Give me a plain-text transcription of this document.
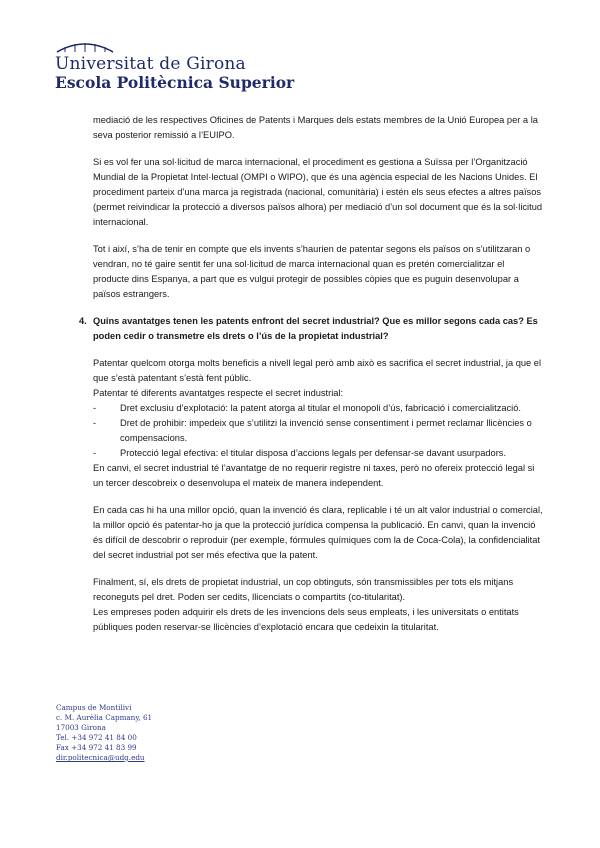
Universitat de Girona
Escola Politècnica Superior

mediació de les respectives Oficines de Patents i Marques dels estats membres de la Unió Europea per a la seva posterior remissió a l’EUIPO.

Si es vol fer una sol·licitud de marca internacional, el procediment es gestiona a Suïssa per l’Organització Mundial de la Propietat Intel·lectual (OMPI o WIPO), que és una agència especial de les Nacions Unides. El procediment parteix d’una marca ja registrada (nacional, comunitària) i estén els seus efectes a altres països (permet reivindicar la protecció a diversos països alhora) per mediació d’un sol document que és la sol·licitud internacional.

Tot i així, s’ha de tenir en compte que els invents s’haurien de patentar segons els països on s’utilitzaran o vendran, no té gaire sentit fer una sol·licitud de marca internacional quan es pretén comercialitzar el producte dins Espanya, a part que es vulgui protegir de possibles còpies que es puguin desenvolupar a països estrangers.

4. Quins avantatges tenen les patents enfront del secret industrial? Que es millor segons cada cas? Es poden cedir o transmetre els drets o l’ús de la propietat industrial?

Patentar quelcom otorga molts beneficis a nivell legal però amb això es sacrifica el secret industrial, ja que el que s’està patentant s’està fent públic.

Patentar té diferents avantatges respecte el secret industrial:

-	Dret exclusiu d’explotació: la patent atorga al titular el monopoli d’ús, fabricació i comercialització.
-	Dret de prohibir: impedeix que s’utilitzi la invenció sense consentiment i permet reclamar llicències o compensacions.
-	Protecció legal efectiva: el titular disposa d’accions legals per defensar-se davant usurpadors.

En canvi, el secret industrial té l’avantatge de no requerir registre ni taxes, però no ofereix protecció legal si un tercer descobreix o desenvolupa el mateix de manera independent.

En cada cas hi ha una millor opció, quan la invenció és clara, replicable i té un alt valor industrial o comercial, la millor opció és patentar-ho ja que la protecció jurídica compensa la publicació. En canvi, quan la invenció és difícil de descobrir o reproduir (per exemple, fórmules químiques com la de Coca-Cola), la confidencialitat del secret industrial pot ser més efectiva que la patent.

Finalment, sí, els drets de propietat industrial, un cop obtinguts, són transmissibles per tots els mitjans reconeguts pel dret. Poden ser cedits, llicenciats o compartits (co-titularitat).

Les empreses poden adquirir els drets de les invencions dels seus empleats, i les universitats o entitats públiques poden reservar-se llicències d’explotació encara que cedeixin la titularitat.

Campus de Montilivi
c. M. Aurèlia Capmany, 61
17003 Girona
Tel. +34 972 41 84 00
Fax +34 972 41 83 99
dir.politecnica@udg.edu
